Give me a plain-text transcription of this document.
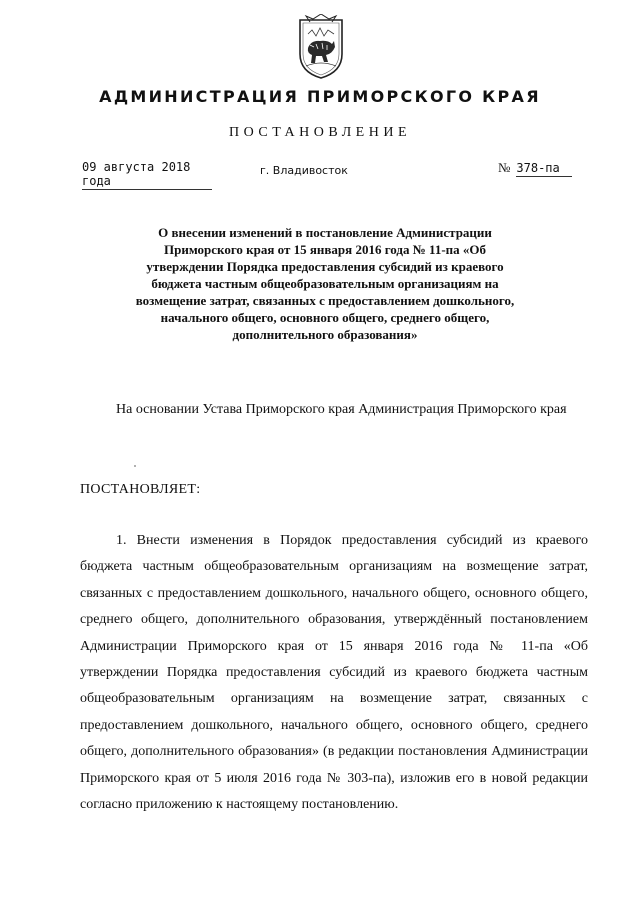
АДМИНИСТРАЦИЯ ПРИМОРСКОГО КРАЯ
ПОСТАНОВЛЕНИЕ
09 августа 2018 года
г. Владивосток	№ 378-па
О внесении изменений в постановление Администрации Приморского края от 15 января 2016 года № 11-па «Об утверждении Порядка предоставления субсидий из краевого бюджета частным общеобразовательным организациям на возмещение затрат, связанных с предоставлением дошкольного, начального общего, основного общего, среднего общего, дополнительного образования»
На основании Устава Приморского края Администрация Приморского края
ПОСТАНОВЛЯЕТ:
1. Внести изменения в Порядок предоставления субсидий из краевого бюджета частным общеобразовательным организациям на возмещение затрат, связанных с предоставлением дошкольного, начального общего, основного общего, среднего общего, дополнительного образования, утверждённый постановлением Администрации Приморского края от 15 января 2016 года № 11-па «Об утверждении Порядка предоставления субсидий из краевого бюджета частным общеобразовательным организациям на возмещение затрат, связанных с предоставлением дошкольного, начального общего, основного общего, среднего общего, дополнительного образования» (в редакции постановления Администрации Приморского края от 5 июля 2016 года № 303-па), изложив его в новой редакции согласно приложению к настоящему постановлению.
